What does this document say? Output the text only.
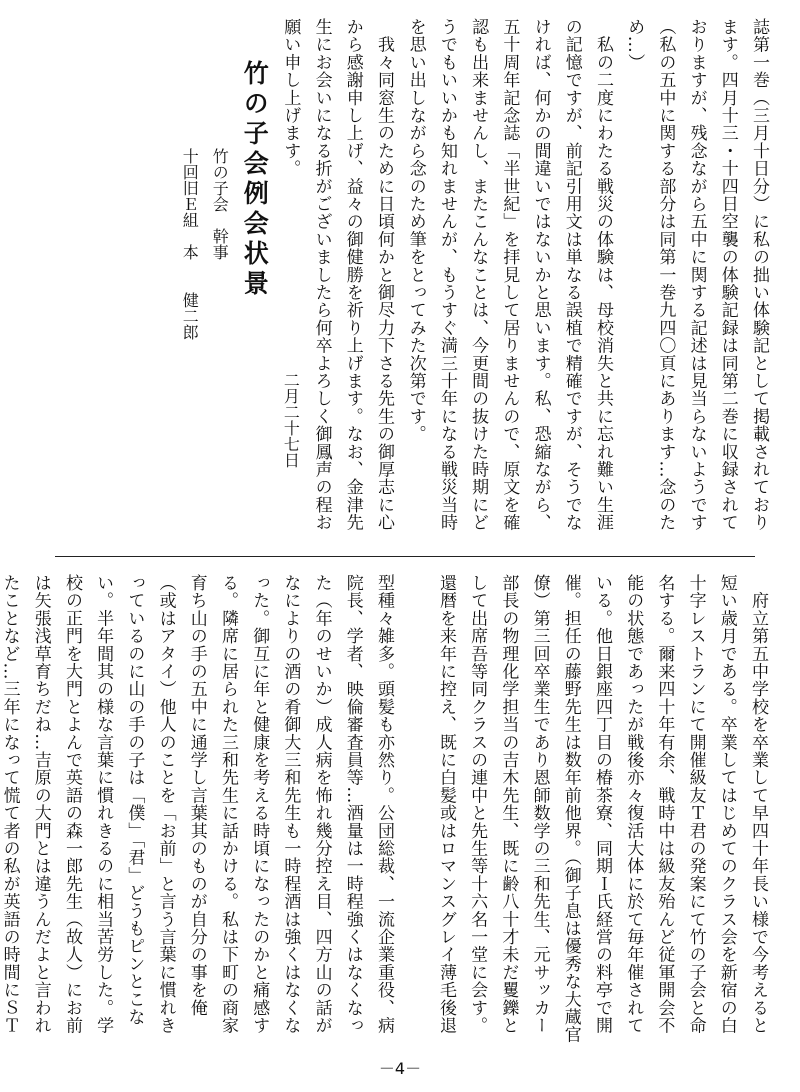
誌第一巻（三月十日分）に私の拙い体験記として掲載されております。四月十三・十四日空襲の体験記録は同第二巻に収録されておりますが、残念ながら五中に関する記述は見当らないようです（私の五中に関する部分は同第一巻九四〇頁にあります…念のため…）
　私の二度にわたる戦災の体験は、母校消失と共に忘れ難い生涯の記憶ですが、前記引用文は単なる誤植で精確ですが、そうでなければ、何かの間違いではないかと思います。私、恐縮ながら、五十周年記念誌「半世紀」を拝見して居りませんので、原文を確認も出来ませんし、またこんなことは、今更間の抜けた時期にどうでもいいかも知れませんが、もうすぐ満三十年になる戦災当時を思い出しながら念のため筆をとってみた次第です。
　我々同窓生のために日頃何かと御尽力下さる先生の御厚志に心から感謝申し上げ、益々の御健勝を祈り上げます。なお、金津先生にお会いになる折がございましたら何卒よろしく御鳳声の程お願い申し上げます。 二月二十七日 竹の子会例会状景
竹の子会　幹事
十回旧Ｅ組　本　　健二郎
　府立第五中学校を卒業して早四十年長い様で今考えると短い歳月である。卒業してはじめてのクラス会を新宿の白十字レストランにて開催級友Ｔ君の発案にて竹の子会と命名する。爾来四十年有余、戦時中は級友殆んど従軍開会不能の状態であったが戦後亦々復活大体に於て毎年催されている。他日銀座四丁目の椿茶寮、同期Ｉ氏経営の料亭で開催。担任の藤野先生は数年前他界。（御子息は優秀な大蔵官僚）第三回卒業生であり恩師数学の三和先生、元サッカー部長の物理化学担当の吉木先生、既に齢八十才未だ矍鑠として出席吾等同クラスの連中と先生等十六名一堂に会す。還暦を来年に控え、既に白髪或はロマンスグレイ薄毛後退
型種々雑多。頭髪も亦然り。公団総裁、一流企業重役、病院長、学者、映倫審査員等…酒量は一時程強くはなくなった（年のせいか）成人病を怖れ幾分控え目、四方山の話がなによりの酒の肴御大三和先生も一時程酒は強くはなくなった。御互に年と健康を考える時頃になったのかと痛感する。隣席に居られた三和先生に話かける。私は下町の商家育ち山の手の五中に通学し言葉其のものが自分の事を俺（或はアタイ）他人のことを「お前」と言う言葉に慣れきっているのに山の手の子は「僕」「君」どうもピンとこない。半年間其の様な言葉に慣れきるのに相当苦労した。学校の正門を大門とよんで英語の森一郎先生（故人）にお前は矢張浅草育ちだね…吉原の大門とは違うんだよと言われたことなど…三年になって慌て者の私が英語の時間にＳＴ
－4－
